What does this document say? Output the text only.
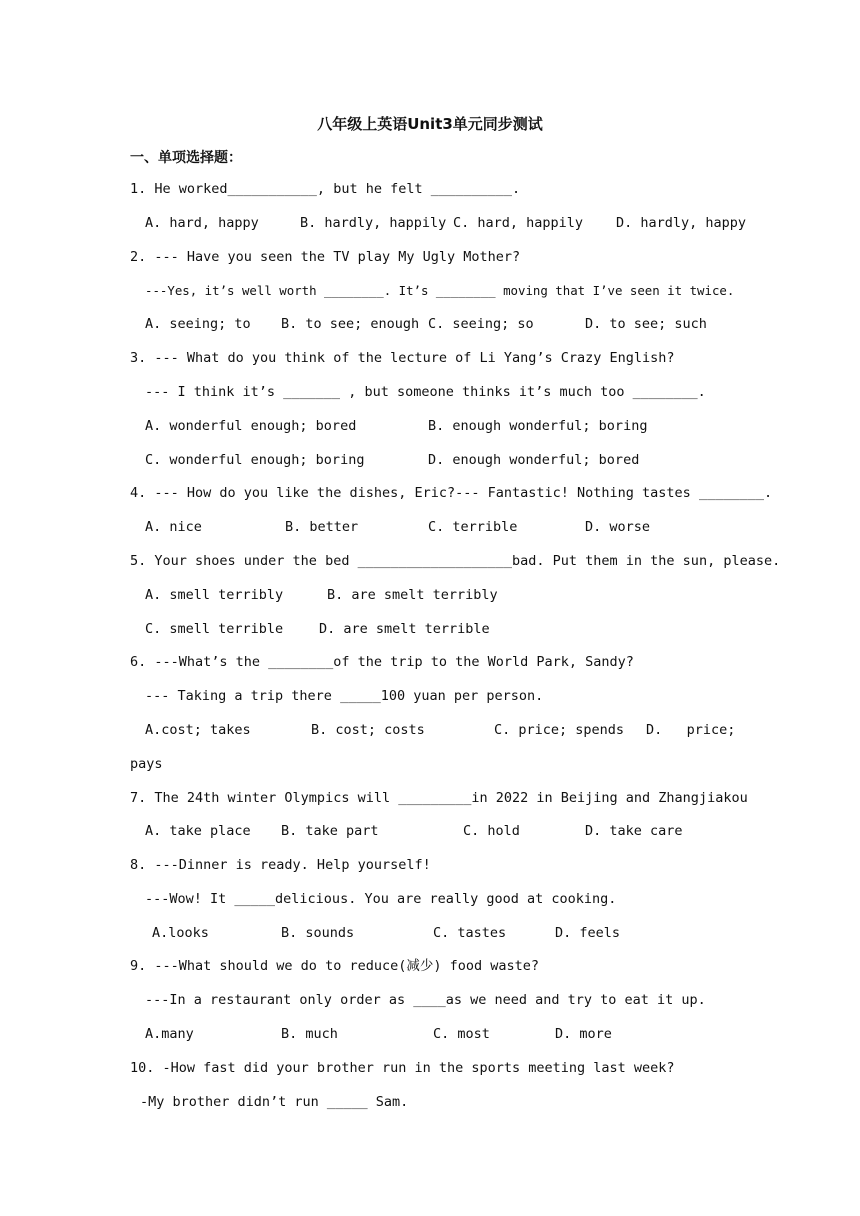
八年级上英语Unit3单元同步测试
一、单项选择题：
1. He worked___________, but he felt __________.
A. hard, happy	B. hardly, happily C. hard, happily D. hardly, happy
2. --- Have you seen the TV play My Ugly Mother?
---Yes, it’s well worth ________. It’s ________ moving that I’ve seen it twice.
A. seeing; to B. to see; enough C. seeing; so	D. to see; such
3. --- What do you think of the lecture of Li Yang’s Crazy English?
--- I think it’s _______ , but someone thinks it’s much too ________.
A. wonderful enough; bored	B. enough wonderful; boring
C. wonderful enough; boring	D. enough wonderful; bored
4. --- How do you like the dishes, Eric?--- Fantastic! Nothing tastes ________.
A. nice	B. better	C. terrible	D. worse
5. Your shoes under the bed ___________________bad. Put them in the sun, please.
A. smell terribly	B. are smelt terribly
C. smell terrible	D. are smelt terrible
6. ---What’s the ________of the trip to the World Park, Sandy?
--- Taking a trip there _____100 yuan per person.
A.cost; takes	B. cost; costs	C. price; spends D.   price;
pays
7. The 24th winter Olympics will _________in 2022 in Beijing and Zhangjiakou
A. take place B. take part	C. hold	D. take care
8. ---Dinner is ready. Help yourself!
---Wow! It _____delicious. You are really good at cooking.
A.looks	B. sounds	C. tastes	D. feels
9. ---What should we do to reduce(减少) food waste?
---In a restaurant only order as ____as we need and try to eat it up.
A.many	B. much	C. most	D. more
10. -How fast did your brother run in the sports meeting last week?
-My brother didn’t run _____ Sam.
